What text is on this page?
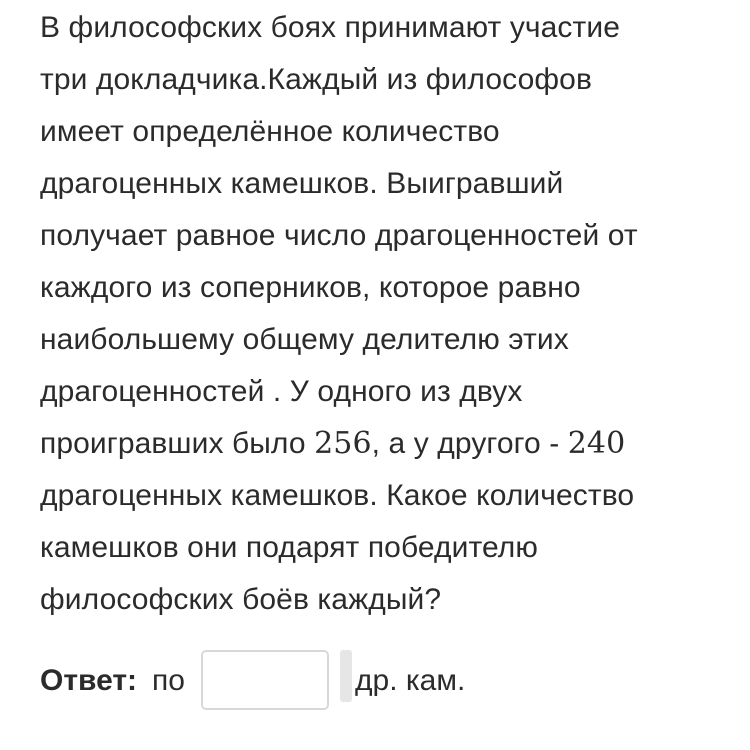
В философских боях принимают участие
три докладчика.Каждый из философов
имеет определённое количество
драгоценных камешков. Выигравший
получает равное число драгоценностей от
каждого из соперников, которое равно
наибольшему общему делителю этих
драгоценностей . У одного из двух
проигравших было 256, а у другого - 240
драгоценных камешков. Какое количество
камешков они подарят победителю
философских боёв каждый?
Ответ: по	др. кам.
